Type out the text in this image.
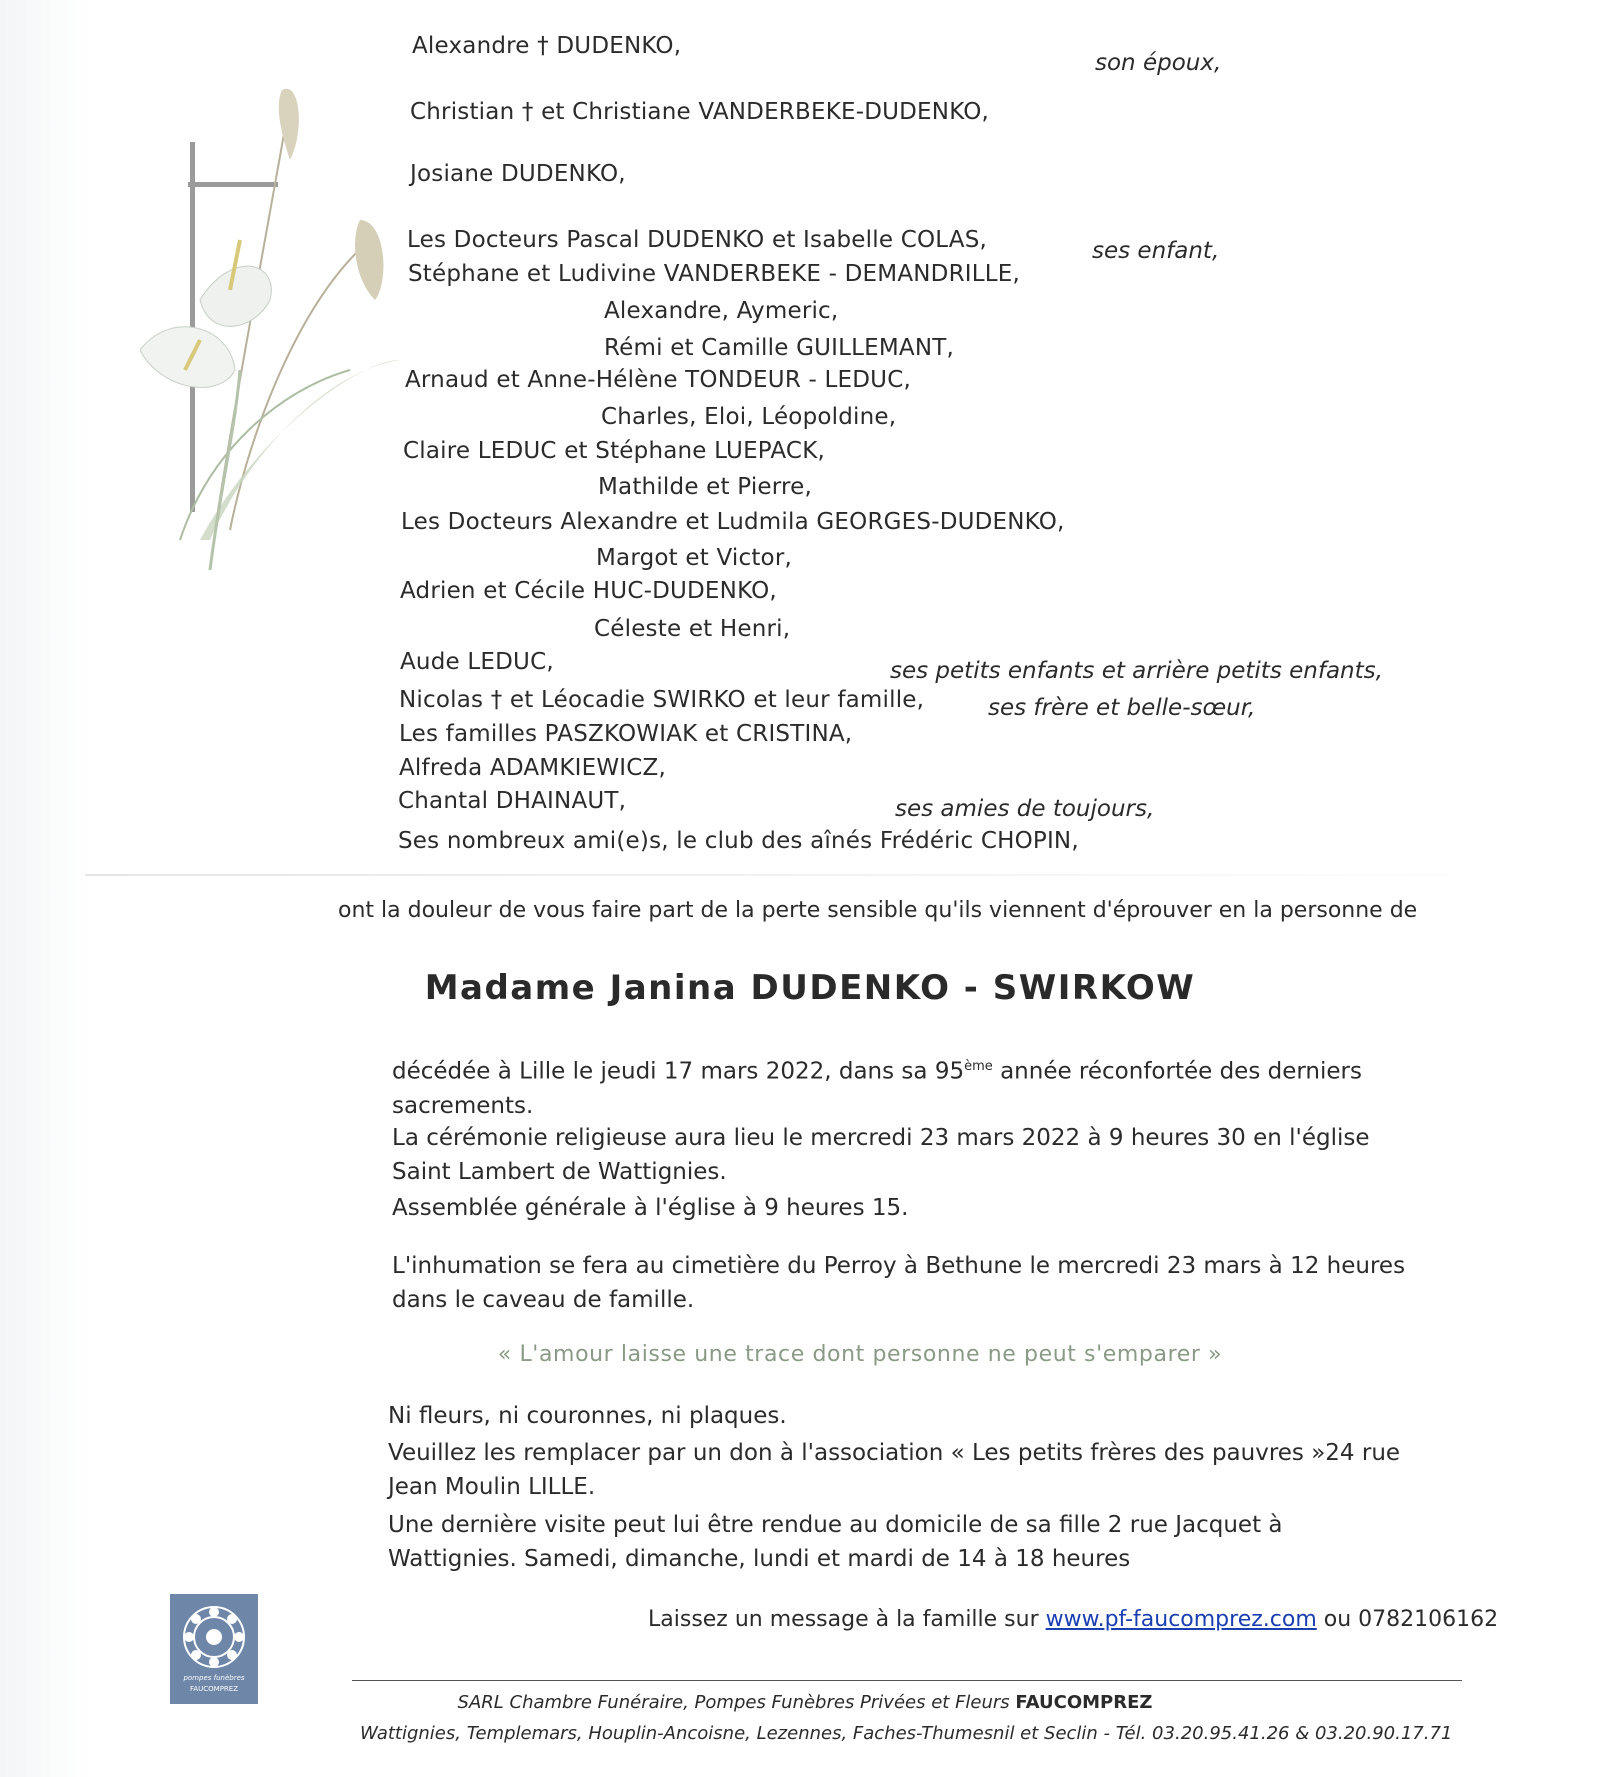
Alexandre † DUDENKO,
son époux,
Christian † et Christiane VANDERBEKE-DUDENKO,
Josiane DUDENKO,
Les Docteurs Pascal DUDENKO et Isabelle COLAS,	ses enfant,
Stéphane et Ludivine VANDERBEKE - DEMANDRILLE,
Alexandre, Aymeric,
Rémi et Camille GUILLEMANT,
Arnaud et Anne-Hélène TONDEUR - LEDUC,
Charles, Eloi, Léopoldine,
Claire LEDUC et Stéphane LUEPACK,
Mathilde et Pierre,
Les Docteurs Alexandre et Ludmila GEORGES-DUDENKO,
Margot et Victor,
Adrien et Cécile HUC-DUDENKO,
Céleste et Henri,
Aude LEDUC,	ses petits enfants et arrière petits enfants,
Nicolas † et Léocadie SWIRKO et leur famille,	ses frère et belle-sœur,
Les familles PASZKOWIAK et CRISTINA,
Alfreda ADAMKIEWICZ,
Chantal DHAINAUT,	ses amies de toujours,
Ses nombreux ami(e)s, le club des aînés Frédéric CHOPIN,
ont la douleur de vous faire part de la perte sensible qu'ils viennent d'éprouver en la personne de
Madame Janina DUDENKO - SWIRKOW
décédée à Lille le jeudi 17 mars 2022, dans sa 95ème année réconfortée des derniers sacrements.
La cérémonie religieuse aura lieu le mercredi 23 mars 2022 à 9 heures 30 en l'église Saint Lambert de Wattignies.
Assemblée générale à l'église à 9 heures 15.
L'inhumation se fera au cimetière du Perroy à Bethune le mercredi 23 mars à 12 heures dans le caveau de famille.
« L'amour laisse une trace dont personne ne peut s'emparer »
Ni fleurs, ni couronnes, ni plaques.
Veuillez les remplacer par un don à l'association « Les petits frères des pauvres »24 rue Jean Moulin LILLE.
Une dernière visite peut lui être rendue au domicile de sa fille 2 rue Jacquet à Wattignies. Samedi, dimanche, lundi et mardi de 14 à 18 heures
Laissez un message à la famille sur www.pf-faucomprez.com ou 0782106162
pompes funèbres
FAUCOMPREZ
SARL Chambre Funéraire, Pompes Funèbres Privées et Fleurs FAUCOMPREZ
Wattignies, Templemars, Houplin-Ancoisne, Lezennes, Faches-Thumesnil et Seclin - Tél. 03.20.95.41.26 & 03.20.90.17.71
